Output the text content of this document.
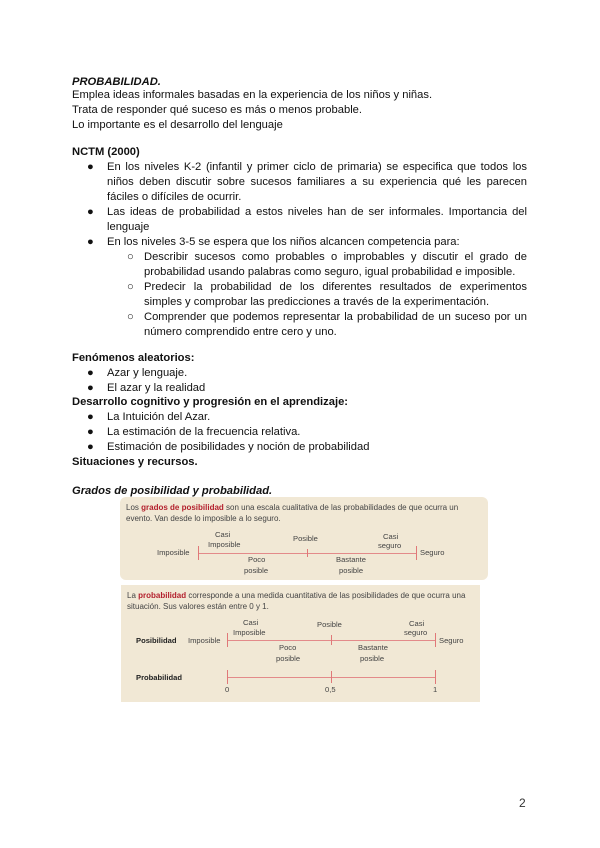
PROBABILIDAD.
Emplea ideas informales basadas en la experiencia de los niños y niñas.
Trata de responder qué suceso es más o menos probable.
Lo importante es el desarrollo del lenguaje
NCTM (2000)
● En los niveles K-2 (infantil y primer ciclo de primaria) se especifica que todos los niños deben discutir sobre sucesos familiares a su experiencia qué les parecen fáciles o difíciles de ocurrir.
● Las ideas de probabilidad a estos niveles han de ser informales. Importancia del lenguaje
● En los niveles 3-5 se espera que los niños alcancen competencia para:
○ Describir sucesos como probables o improbables y discutir el grado de probabilidad usando palabras como seguro, igual probabilidad e imposible.
○ Predecir la probabilidad de los diferentes resultados de experimentos simples y comprobar las predicciones a través de la experimentación.
○ Comprender que podemos representar la probabilidad de un suceso por un número comprendido entre cero y uno.
Fenómenos aleatorios:
● Azar y lenguaje.
● El azar y la realidad
Desarrollo cognitivo y progresión en el aprendizaje:
● La Intuición del Azar.
● La estimación de la frecuencia relativa.
● Estimación de posibilidades y noción de probabilidad
Situaciones y recursos.
Grados de posibilidad y probabilidad.
Los grados de posibilidad son una escala cualitativa de las probabilidades de que ocurra un evento. Van desde lo imposible a lo seguro.
Imposible
Casi
Imposible
Poco
posible
Posible
Bastante
posible
Casi
seguro
Seguro
La probabilidad corresponde a una medida cuantitativa de las posibilidades de que ocurra una situación. Sus valores están entre 0 y 1.
Posibilidad
Probabilidad
Imposible
Casi
Imposible
Poco
posible
Posible
Bastante
posible
Casi
seguro
Seguro
0	0,5	1
2
